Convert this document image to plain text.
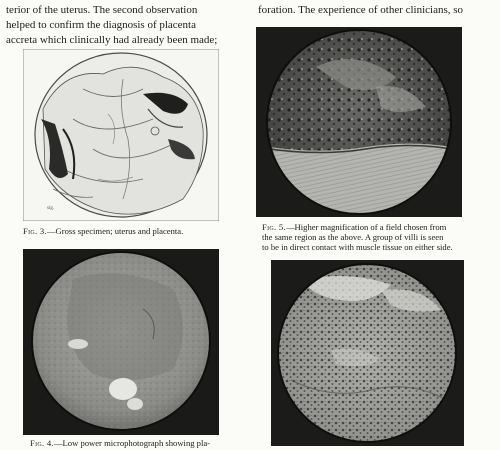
terior of the uterus. The second observation
helped to confirm the diagnosis of placenta
accreta which clinically had already been made;
foration. The experience of other clinicians, so
sig.
Fig. 3.—Gross specimen; uterus and placenta.	Fig. 5.—Higher magnification of a field chosen from
the same region as the above. A group of villi is seen
to be in direct contact with muscle tissue on either side.
Fig. 4.—Low power microphotograph showing pla-
